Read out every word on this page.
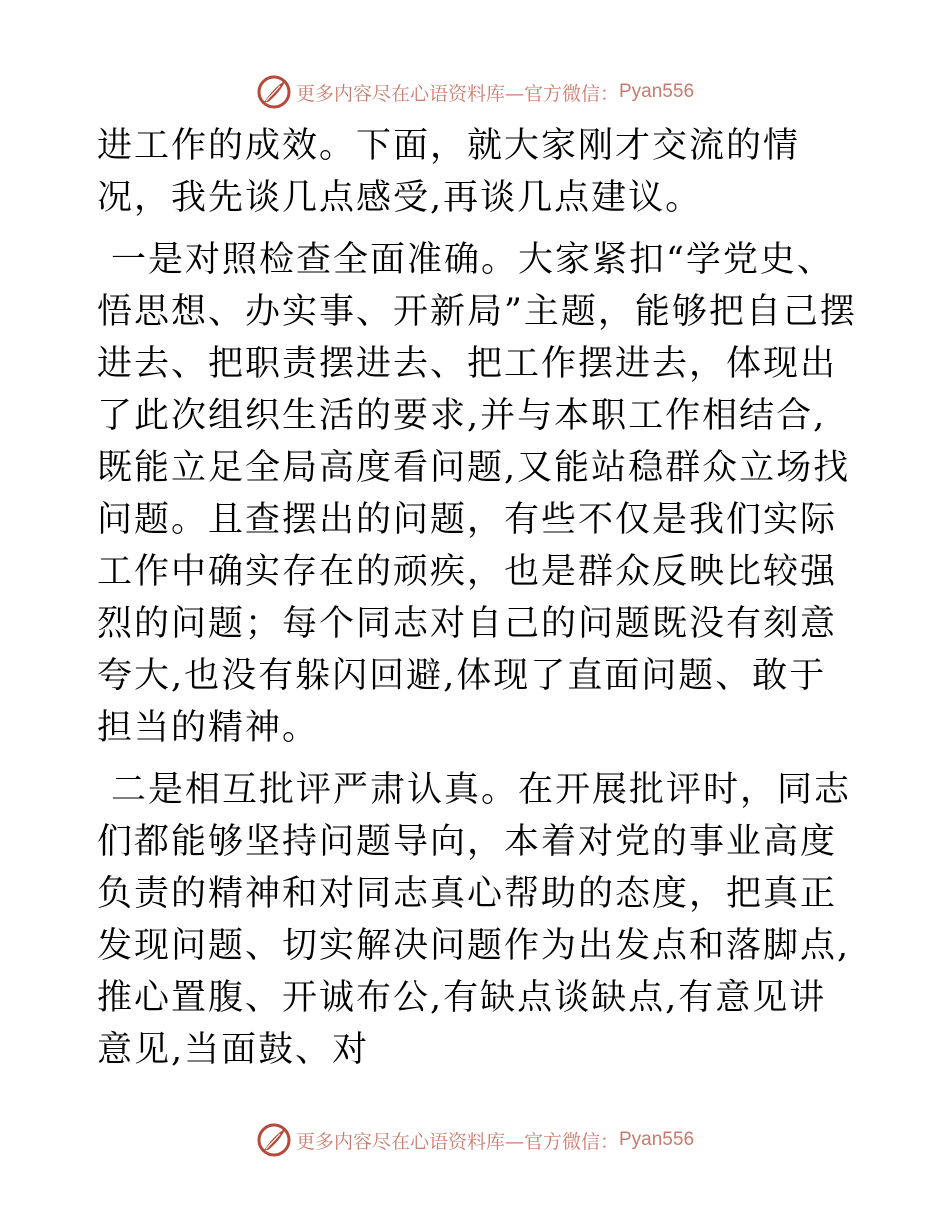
更多内容尽在心语资料库—官方微信： Pyan556

进工作的成效。下面，就大家刚才交流的情况，我先谈几点感受,再谈几点建议。

一是对照检查全面准确。大家紧扣“学党史、悟思想、办实事、开新局”主题，能够把自己摆进去、把职责摆进去、把工作摆进去，体现出了此次组织生活的要求,并与本职工作相结合,既能立足全局高度看问题,又能站稳群众立场找问题。且查摆出的问题，有些不仅是我们实际工作中确实存在的顽疾，也是群众反映比较强烈的问题；每个同志对自己的问题既没有刻意夸大,也没有躲闪回避,体现了直面问题、敢于担当的精神。

二是相互批评严肃认真。在开展批评时，同志们都能够坚持问题导向，本着对党的事业高度负责的精神和对同志真心帮助的态度，把真正发现问题、切实解决问题作为出发点和落脚点,推心置腹、开诚布公,有缺点谈缺点,有意见讲意见,当面鼓、对

更多内容尽在心语资料库—官方微信： Pyan556
